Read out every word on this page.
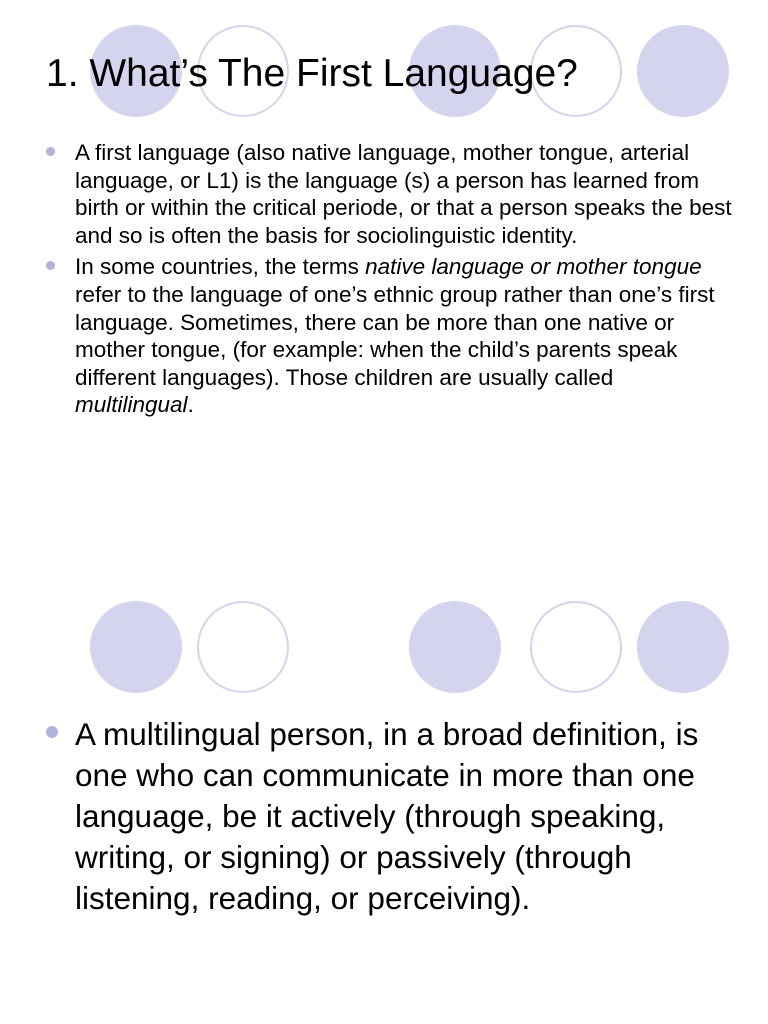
1. What’s The First Language?
A first language (also native language, mother tongue, arterial language, or L1) is the language (s) a person has learned from birth or within the critical periode, or that a person speaks the best and so is often the basis for sociolinguistic identity.
In some countries, the terms native language or mother tongue refer to the language of one’s ethnic group rather than one’s first language. Sometimes, there can be more than one native or mother tongue, (for example: when the child’s parents speak different languages). Those children are usually called multilingual.
A multilingual person, in a broad definition, is one who can communicate in more than one language, be it actively (through speaking, writing, or signing) or passively (through listening, reading, or perceiving).
